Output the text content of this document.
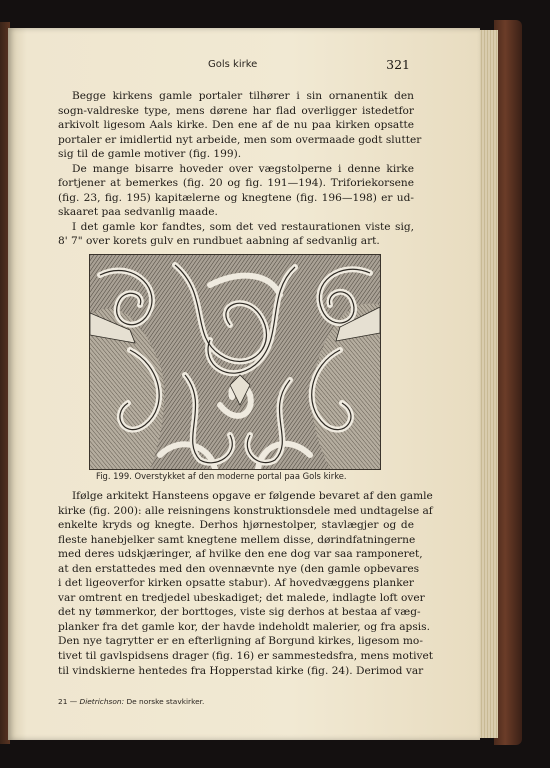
Gols kirke	321
Begge kirkens gamle portaler tilhører i sin ornanentik den
sogn-valdreske type, mens dørene har flad overligger istedetfor
arkivolt ligesom Aals kirke. Den ene af de nu paa kirken opsatte
portaler er imidlertid nyt arbeide, men som overmaade godt slutter
sig til de gamle motiver (fig. 199).
De mange bisarre hoveder over vægstolperne i denne kirke
fortjener at bemerkes (fig. 20 og fig. 191—194). Triforiekorsene
(fig. 23, fig. 195) kapitælerne og knegtene (fig. 196—198) er ud-
skaaret paa sedvanlig maade.
I det gamle kor fandtes, som det ved restaurationen viste sig,
8' 7" over korets gulv en rundbuet aabning af sedvanlig art.
Fig. 199. Overstykket af den moderne portal paa Gols kirke.
Ifølge arkitekt Hansteens opgave er følgende bevaret af den gamle
kirke (fig. 200): alle reisningens konstruktionsdele med undtagelse af
enkelte kryds og knegte. Derhos hjørnestolper, stavlægjer og de
fleste hanebjelker samt knegtene mellem disse, dørindfatningerne
med deres udskjæringer, af hvilke den ene dog var saa ramponeret,
at den erstattedes med den ovennævnte nye (den gamle opbevares
i det ligeoverfor kirken opsatte stabur). Af hovedvæggens planker
var omtrent en tredjedel ubeskadiget; det malede, indlagte loft over
det ny tømmerkor, der borttoges, viste sig derhos at bestaa af væg-
planker fra det gamle kor, der havde indeholdt malerier, og fra apsis.
Den nye tagrytter er en efterligning af Borgund kirkes, ligesom mo-
tivet til gavlspidsens drager (fig. 16) er sammestedsfra, mens motivet
til vindskierne hentedes fra Hopperstad kirke (fig. 24). Derimod var
21 — Dietrichson: De norske stavkirker.
